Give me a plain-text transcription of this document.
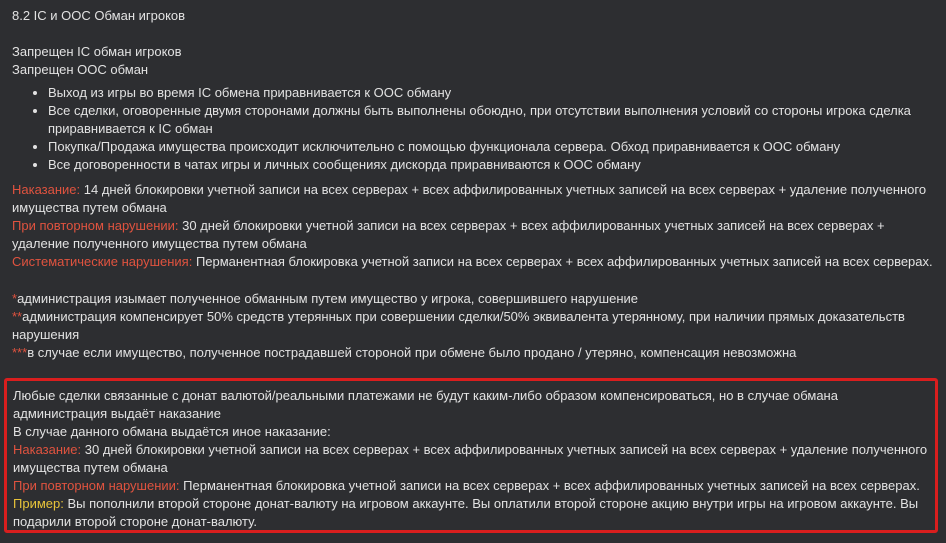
8.2 IC и OOC Обман игроков
Запрещен IC обман игроков
Запрещен OOC обман
• Выход из игры во время IC обмена приравнивается к OOC обману
• Все сделки, оговоренные двумя сторонами должны быть выполнены обоюдно, при отсутствии выполнения условий со стороны игрока сделка приравнивается к IC обман
• Покупка/Продажа имущества происходит исключительно с помощью функционала сервера. Обход приравнивается к OOC обману
• Все договоренности в чатах игры и личных сообщениях дискорда приравниваются к OOC обману
Наказание: 14 дней блокировки учетной записи на всех серверах + всех аффилированных учетных записей на всех серверах + удаление полученного имущества путем обмана
При повторном нарушении: 30 дней блокировки учетной записи на всех серверах + всех аффилированных учетных записей на всех серверах + удаление полученного имущества путем обмана
Систематические нарушения: Перманентная блокировка учетной записи на всех серверах + всех аффилированных учетных записей на всех серверах.
*администрация изымает полученное обманным путем имущество у игрока, совершившего нарушение
**администрация компенсирует 50% средств утерянных при совершении сделки/50% эквивалента утерянному, при наличии прямых доказательств нарушения
***в случае если имущество, полученное пострадавшей стороной при обмене было продано / утеряно, компенсация невозможна
Любые сделки связанные с донат валютой/реальными платежами не будут каким-либо образом компенсироваться, но в случае обмана администрация выдаёт наказание
В случае данного обмана выдаётся иное наказание:
Наказание: 30 дней блокировки учетной записи на всех серверах + всех аффилированных учетных записей на всех серверах + удаление полученного имущества путем обмана
При повторном нарушении: Перманентная блокировка учетной записи на всех серверах + всех аффилированных учетных записей на всех серверах.
Пример: Вы пополнили второй стороне донат-валюту на игровом аккаунте. Вы оплатили второй стороне акцию внутри игры на игровом аккаунте. Вы подарили второй стороне донат-валюту.
